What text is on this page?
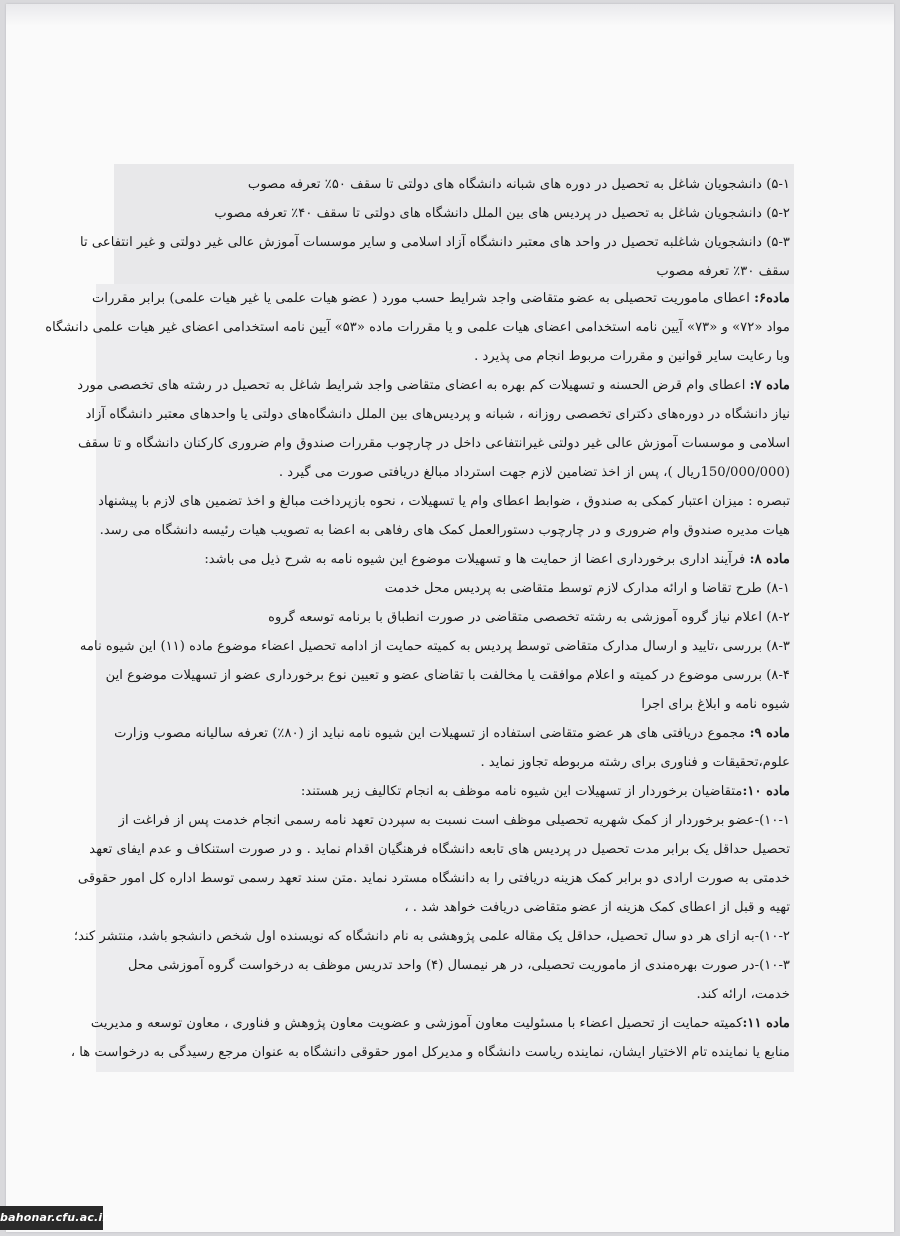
۵-۱) دانشجویان شاغل به تحصیل در دوره های شبانه دانشگاه های دولتی تا سقف ۵۰٪ تعرفه مصوب
۵-۲) دانشجویان شاغل به تحصیل در پردیس های بین الملل دانشگاه های دولتی تا سقف ۴۰٪ تعرفه مصوب
۵-۳) دانشجویان شاغلبه تحصیل در واحد های معتبر دانشگاه آزاد اسلامی و سایر موسسات آموزش عالی غیر دولتی و غیر انتفاعی تا
سقف ۳۰٪ تعرفه مصوب
ماده۶: اعطای ماموریت تحصیلی به عضو متقاضی واجد شرایط حسب مورد ( عضو هیات علمی یا غیر هیات علمی) برابر مقررات
مواد «۷۲» و «۷۳» آیین نامه استخدامی اعضای هیات علمی و یا مقررات ماده «۵۳» آیین نامه استخدامی اعضای غیر هیات علمی دانشگاه
وبا رعایت سایر قوانین و مقررات مربوط انجام می پذیرد .
ماده ۷: اعطای وام قرض الحسنه و تسهیلات کم بهره به اعضای متقاضی واجد شرایط شاغل به تحصیل در رشته های تخصصی مورد
نیاز دانشگاه در دوره‌های دکترای تخصصی روزانه ، شبانه و پردیس‌های بین الملل دانشگاه‌های دولتی یا واحدهای معتبر دانشگاه آزاد
اسلامی و موسسات آموزش عالی غیر دولتی غیرانتفاعی داخل در چارچوب مقررات صندوق وام ضروری کارکنان دانشگاه و تا سقف
(150/000/000ریال )، پس از اخذ تضامین لازم جهت استرداد مبالغ دریافتی صورت می گیرد .
تبصره : میزان اعتبار کمکی به صندوق ، ضوابط اعطای وام یا تسهیلات ، نحوه بازپرداخت مبالغ و اخذ تضمین های لازم با پیشنهاد
هیات مدیره صندوق وام ضروری و در چارچوب دستورالعمل کمک های رفاهی به اعضا به تصویب هیات رئیسه دانشگاه می رسد.
ماده ۸: فرآیند اداری برخورداری اعضا از حمایت ها و تسهیلات موضوع این شیوه نامه به شرح ذیل می باشد:
۸-۱) طرح تقاضا و ارائه مدارک لازم توسط متقاضی به پردیس محل خدمت
۸-۲) اعلام نیاز گروه آموزشی به رشته تخصصی متقاضی در صورت انطباق با برنامه توسعه گروه
۸-۳) بررسی ،تایید و ارسال مدارک متقاضی توسط پردیس به کمیته حمایت از ادامه تحصیل اعضاء موضوع ماده (۱۱) این شیوه نامه
۸-۴) بررسی موضوع در کمیته و اعلام موافقت یا مخالفت با تقاضای عضو و تعیین نوع برخورداری عضو از تسهیلات موضوع این
شیوه نامه و ابلاغ برای اجرا
ماده ۹: مجموع دریافتی های هر عضو متقاضی استفاده از تسهیلات این شیوه نامه نباید از (۸۰٪) تعرفه سالیانه مصوب وزارت
علوم،تحقیقات و فناوری برای رشته مربوطه تجاوز نماید .
ماده ۱۰:متقاضیان برخوردار از تسهیلات این شیوه نامه موظف به انجام تکالیف زیر هستند:
۱۰-۱)-عضو برخوردار از کمک شهریه تحصیلی موظف است نسبت به سپردن تعهد نامه رسمی انجام خدمت پس از فراغت از
تحصیل حداقل یک برابر مدت تحصیل در پردیس های تابعه دانشگاه فرهنگیان اقدام نماید . و در صورت استنکاف و عدم ایفای تعهد
خدمتی به صورت ارادی دو برابر کمک هزینه دریافتی را به دانشگاه مسترد نماید .متن سند تعهد رسمی توسط اداره کل امور حقوقی
تهیه و قبل از اعطای کمک هزینه از عضو متقاضی دریافت خواهد شد . ،
۱۰-۲)-به ازای هر دو سال تحصیل، حداقل یک مقاله علمی پژوهشی به نام دانشگاه که نویسنده اول شخص دانشجو باشد، منتشر کند؛
۱۰-۳)-در صورت بهره‌مندی از ماموریت تحصیلی، در هر نیمسال (۴) واحد تدریس موظف به درخواست گروه آموزشی محل
خدمت، ارائه کند.
ماده ۱۱:کمیته حمایت از تحصیل اعضاء با مسئولیت معاون آموزشی و عضویت معاون پژوهش و فناوری ، معاون توسعه و مدیریت
منابع یا نماینده تام الاختیار ایشان، نماینده ریاست دانشگاه و مدیرکل امور حقوقی دانشگاه به عنوان مرجع رسیدگی به درخواست ها ،
bahonar.cfu.ac.ir
